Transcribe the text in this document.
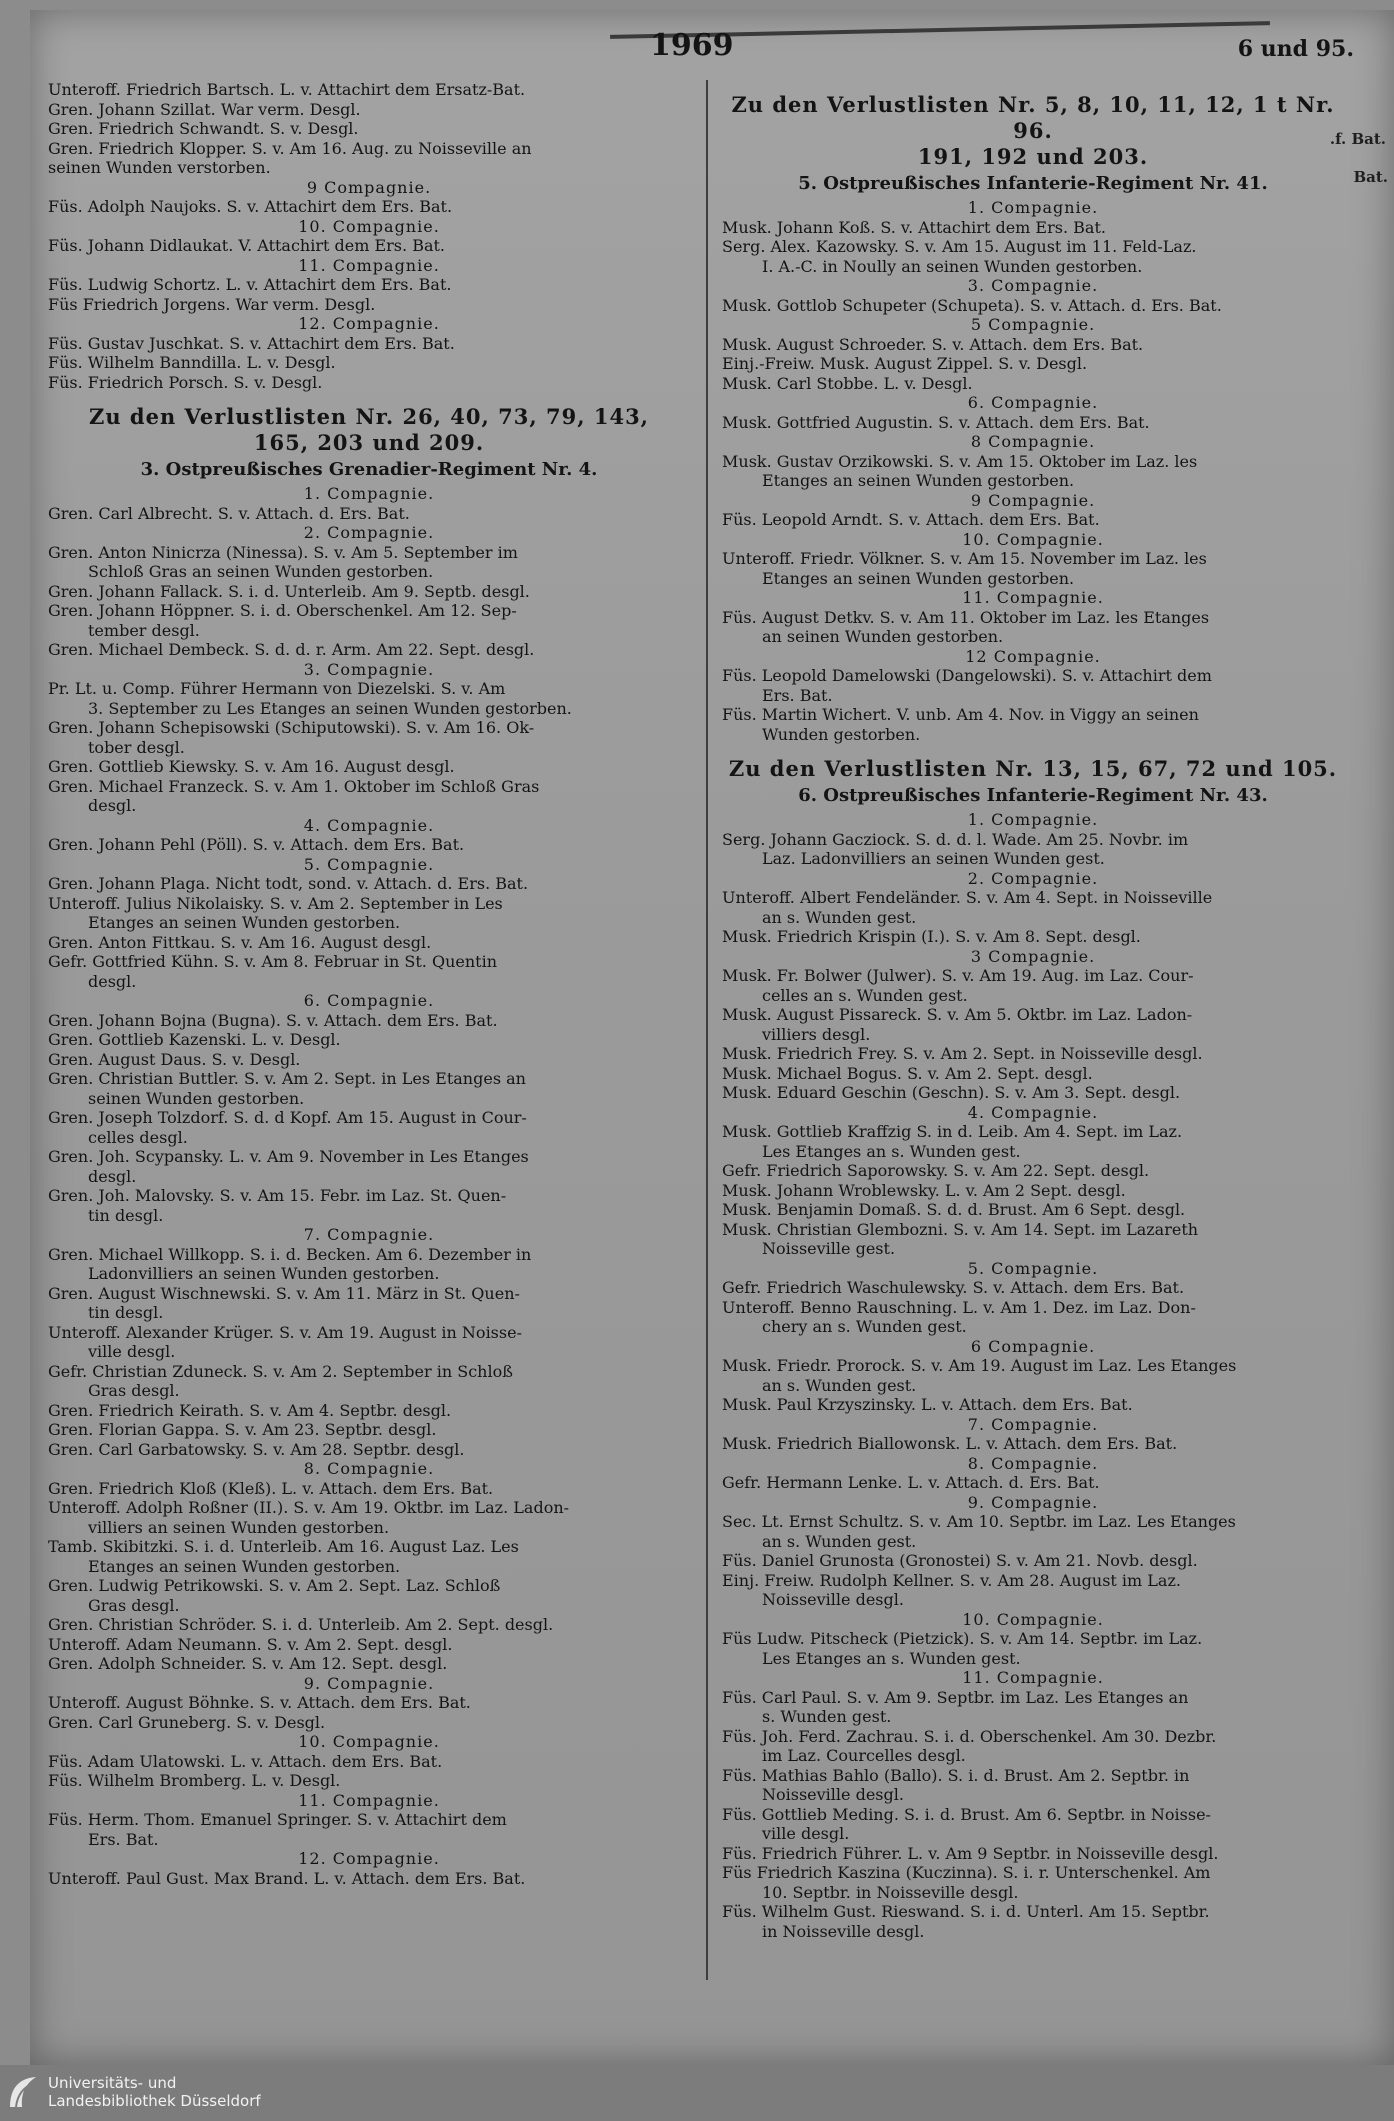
1969	6 und 95.
.f. Bat.
Bat.
Unteroff. Friedrich Bartsch. L. v. Attachirt dem Ersatz-Bat.
Gren. Johann Szillat. War verm. Desgl.
Gren. Friedrich Schwandt. S. v. Desgl.
Gren. Friedrich Klopper. S. v. Am 16. Aug. zu Noisseville an
seinen Wunden verstorben.
9 Compagnie.
Füs. Adolph Naujoks. S. v. Attachirt dem Ers. Bat.
10. Compagnie.
Füs. Johann Didlaukat. V. Attachirt dem Ers. Bat.
11. Compagnie.
Füs. Ludwig Schortz. L. v. Attachirt dem Ers. Bat.
Füs Friedrich Jorgens. War verm. Desgl.
12. Compagnie.
Füs. Gustav Juschkat. S. v. Attachirt dem Ers. Bat.
Füs. Wilhelm Banndilla. L. v. Desgl.
Füs. Friedrich Porsch. S. v. Desgl.
Zu den Verlustlisten Nr. 26, 40, 73, 79, 143,
165, 203 und 209.
3. Ostpreußisches Grenadier-Regiment Nr. 4.
1. Compagnie.
Gren. Carl Albrecht. S. v. Attach. d. Ers. Bat.
2. Compagnie.
Gren. Anton Ninicrza (Ninessa). S. v. Am 5. September im
Schloß Gras an seinen Wunden gestorben.
Gren. Johann Fallack. S. i. d. Unterleib. Am 9. Septb. desgl.
Gren. Johann Höppner. S. i. d. Oberschenkel. Am 12. Sep-
tember desgl.
Gren. Michael Dembeck. S. d. d. r. Arm. Am 22. Sept. desgl.
3. Compagnie.
Pr. Lt. u. Comp. Führer Hermann von Diezelski. S. v. Am
3. September zu Les Etanges an seinen Wunden gestorben.
Gren. Johann Schepisowski (Schiputowski). S. v. Am 16. Ok-
tober desgl.
Gren. Gottlieb Kiewsky. S. v. Am 16. August desgl.
Gren. Michael Franzeck. S. v. Am 1. Oktober im Schloß Gras
desgl.
4. Compagnie.
Gren. Johann Pehl (Pöll). S. v. Attach. dem Ers. Bat.
5. Compagnie.
Gren. Johann Plaga. Nicht todt, sond. v. Attach. d. Ers. Bat.
Unteroff. Julius Nikolaisky. S. v. Am 2. September in Les
Etanges an seinen Wunden gestorben.
Gren. Anton Fittkau. S. v. Am 16. August desgl.
Gefr. Gottfried Kühn. S. v. Am 8. Februar in St. Quentin
desgl.
6. Compagnie.
Gren. Johann Bojna (Bugna). S. v. Attach. dem Ers. Bat.
Gren. Gottlieb Kazenski. L. v. Desgl.
Gren. August Daus. S. v. Desgl.
Gren. Christian Buttler. S. v. Am 2. Sept. in Les Etanges an
seinen Wunden gestorben.
Gren. Joseph Tolzdorf. S. d. d Kopf. Am 15. August in Cour-
celles desgl.
Gren. Joh. Scypansky. L. v. Am 9. November in Les Etanges
desgl.
Gren. Joh. Malovsky. S. v. Am 15. Febr. im Laz. St. Quen-
tin desgl.
7. Compagnie.
Gren. Michael Willkopp. S. i. d. Becken. Am 6. Dezember in
Ladonvilliers an seinen Wunden gestorben.
Gren. August Wischnewski. S. v. Am 11. März in St. Quen-
tin desgl.
Unteroff. Alexander Krüger. S. v. Am 19. August in Noisse-
ville desgl.
Gefr. Christian Zduneck. S. v. Am 2. September in Schloß
Gras desgl.
Gren. Friedrich Keirath. S. v. Am 4. Septbr. desgl.
Gren. Florian Gappa. S. v. Am 23. Septbr. desgl.
Gren. Carl Garbatowsky. S. v. Am 28. Septbr. desgl.
8. Compagnie.
Gren. Friedrich Kloß (Kleß). L. v. Attach. dem Ers. Bat.
Unteroff. Adolph Roßner (II.). S. v. Am 19. Oktbr. im Laz. Ladon-
villiers an seinen Wunden gestorben.
Tamb. Skibitzki. S. i. d. Unterleib. Am 16. August Laz. Les
Etanges an seinen Wunden gestorben.
Gren. Ludwig Petrikowski. S. v. Am 2. Sept. Laz. Schloß
Gras desgl.
Gren. Christian Schröder. S. i. d. Unterleib. Am 2. Sept. desgl.
Unteroff. Adam Neumann. S. v. Am 2. Sept. desgl.
Gren. Adolph Schneider. S. v. Am 12. Sept. desgl.
9. Compagnie.
Unteroff. August Böhnke. S. v. Attach. dem Ers. Bat.
Gren. Carl Gruneberg. S. v. Desgl.
10. Compagnie.
Füs. Adam Ulatowski. L. v. Attach. dem Ers. Bat.
Füs. Wilhelm Bromberg. L. v. Desgl.
11. Compagnie.
Füs. Herm. Thom. Emanuel Springer. S. v. Attachirt dem
Ers. Bat.
12. Compagnie.
Unteroff. Paul Gust. Max Brand. L. v. Attach. dem Ers. Bat.
Zu den Verlustlisten Nr. 5, 8, 10, 11, 12, 1 t Nr. 96.
191, 192 und 203.
5. Ostpreußisches Infanterie-Regiment Nr. 41.
1. Compagnie.
Musk. Johann Koß. S. v. Attachirt dem Ers. Bat.
Serg. Alex. Kazowsky. S. v. Am 15. August im 11. Feld-Laz.
I. A.-C. in Noully an seinen Wunden gestorben.
3. Compagnie.
Musk. Gottlob Schupeter (Schupeta). S. v. Attach. d. Ers. Bat.
5 Compagnie.
Musk. August Schroeder. S. v. Attach. dem Ers. Bat.
Einj.-Freiw. Musk. August Zippel. S. v. Desgl.
Musk. Carl Stobbe. L. v. Desgl.
6. Compagnie.
Musk. Gottfried Augustin. S. v. Attach. dem Ers. Bat.
8 Compagnie.
Musk. Gustav Orzikowski. S. v. Am 15. Oktober im Laz. les
Etanges an seinen Wunden gestorben.
9 Compagnie.
Füs. Leopold Arndt. S. v. Attach. dem Ers. Bat.
10. Compagnie.
Unteroff. Friedr. Völkner. S. v. Am 15. November im Laz. les
Etanges an seinen Wunden gestorben.
11. Compagnie.
Füs. August Detkv. S. v. Am 11. Oktober im Laz. les Etanges
an seinen Wunden gestorben.
12 Compagnie.
Füs. Leopold Damelowski (Dangelowski). S. v. Attachirt dem
Ers. Bat.
Füs. Martin Wichert. V. unb. Am 4. Nov. in Viggy an seinen
Wunden gestorben.
Zu den Verlustlisten Nr. 13, 15, 67, 72 und 105.
6. Ostpreußisches Infanterie-Regiment Nr. 43.
1. Compagnie.
Serg. Johann Gacziock. S. d. d. l. Wade. Am 25. Novbr. im
Laz. Ladonvilliers an seinen Wunden gest.
2. Compagnie.
Unteroff. Albert Fendeländer. S. v. Am 4. Sept. in Noisseville
an s. Wunden gest.
Musk. Friedrich Krispin (I.). S. v. Am 8. Sept. desgl.
3 Compagnie.
Musk. Fr. Bolwer (Julwer). S. v. Am 19. Aug. im Laz. Cour-
celles an s. Wunden gest.
Musk. August Pissareck. S. v. Am 5. Oktbr. im Laz. Ladon-
villiers desgl.
Musk. Friedrich Frey. S. v. Am 2. Sept. in Noisseville desgl.
Musk. Michael Bogus. S. v. Am 2. Sept. desgl.
Musk. Eduard Geschin (Geschn). S. v. Am 3. Sept. desgl.
4. Compagnie.
Musk. Gottlieb Kraffzig S. in d. Leib. Am 4. Sept. im Laz.
Les Etanges an s. Wunden gest.
Gefr. Friedrich Saporowsky. S. v. Am 22. Sept. desgl.
Musk. Johann Wroblewsky. L. v. Am 2 Sept. desgl.
Musk. Benjamin Domaß. S. d. d. Brust. Am 6 Sept. desgl.
Musk. Christian Glembozni. S. v. Am 14. Sept. im Lazareth
Noisseville gest.
5. Compagnie.
Gefr. Friedrich Waschulewsky. S. v. Attach. dem Ers. Bat.
Unteroff. Benno Rauschning. L. v. Am 1. Dez. im Laz. Don-
chery an s. Wunden gest.
6 Compagnie.
Musk. Friedr. Prorock. S. v. Am 19. August im Laz. Les Etanges
an s. Wunden gest.
Musk. Paul Krzyszinsky. L. v. Attach. dem Ers. Bat.
7. Compagnie.
Musk. Friedrich Biallowonsk. L. v. Attach. dem Ers. Bat.
8. Compagnie.
Gefr. Hermann Lenke. L. v. Attach. d. Ers. Bat.
9. Compagnie.
Sec. Lt. Ernst Schultz. S. v. Am 10. Septbr. im Laz. Les Etanges
an s. Wunden gest.
Füs. Daniel Grunosta (Gronostei) S. v. Am 21. Novb. desgl.
Einj. Freiw. Rudolph Kellner. S. v. Am 28. August im Laz.
Noisseville desgl.
10. Compagnie.
Füs Ludw. Pitscheck (Pietzick). S. v. Am 14. Septbr. im Laz.
Les Etanges an s. Wunden gest.
11. Compagnie.
Füs. Carl Paul. S. v. Am 9. Septbr. im Laz. Les Etanges an
s. Wunden gest.
Füs. Joh. Ferd. Zachrau. S. i. d. Oberschenkel. Am 30. Dezbr.
im Laz. Courcelles desgl.
Füs. Mathias Bahlo (Ballo). S. i. d. Brust. Am 2. Septbr. in
Noisseville desgl.
Füs. Gottlieb Meding. S. i. d. Brust. Am 6. Septbr. in Noisse-
ville desgl.
Füs. Friedrich Führer. L. v. Am 9 Septbr. in Noisseville desgl.
Füs Friedrich Kaszina (Kuczinna). S. i. r. Unterschenkel. Am
10. Septbr. in Noisseville desgl.
Füs. Wilhelm Gust. Rieswand. S. i. d. Unterl. Am 15. Septbr.
in Noisseville desgl.
Universitäts- und
Landesbibliothek Düsseldorf
